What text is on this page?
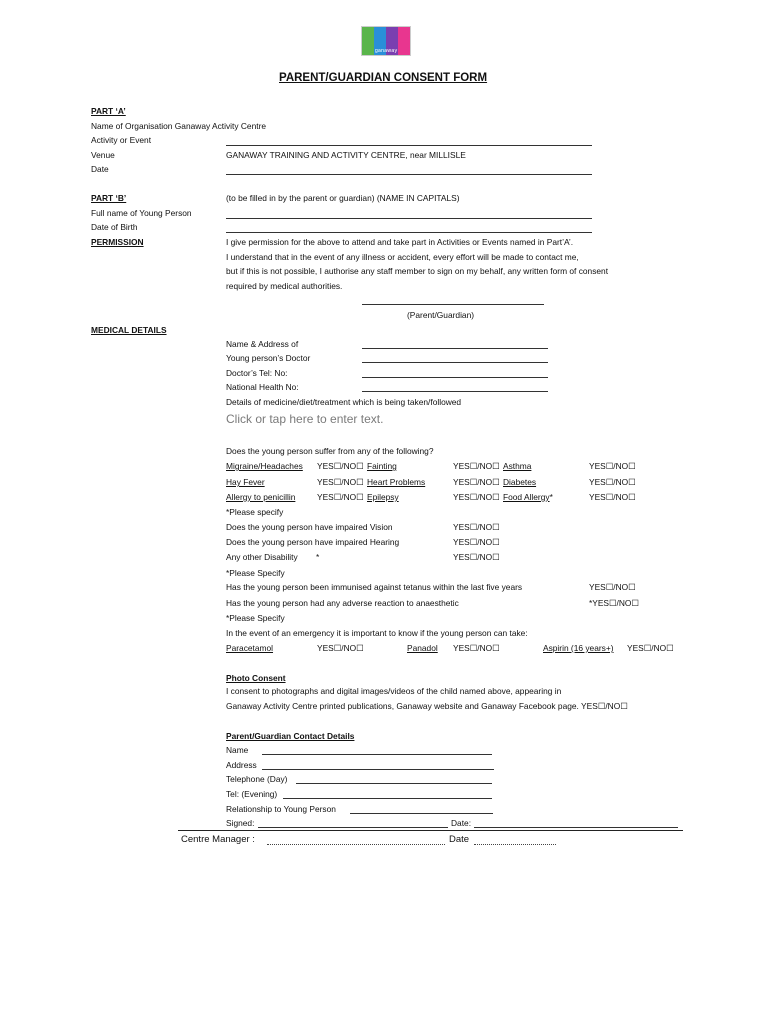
ganaway
PARENT/GUARDIAN CONSENT FORM
PART ‘A’
Name of Organisation Ganaway Activity Centre
Activity or Event
Venue	GANAWAY TRAINING AND ACTIVITY CENTRE, near MILLISLE
Date
PART ‘B’	(to be filled in by the parent or guardian) (NAME IN CAPITALS)
Full name of Young Person
Date of Birth
PERMISSION	I give permission for the above to attend and take part in Activities or Events named in Part’A’.
I understand that in the event of any illness or accident, every effort will be made to contact me,
but if this is not possible, I authorise any staff member to sign on my behalf, any written form of consent
required by medical authorities.
(Parent/Guardian)
MEDICAL DETAILS
Name & Address of
Young person’s Doctor
Doctor’s Tel: No:
National Health No:
Details of medicine/diet/treatment which is being taken/followed
Click or tap here to enter text.
Does the young person suffer from any of the following?
Migraine/Headaches YES☐/NO☐ Fainting	YES☐/NO☐ Asthma	YES☐/NO☐
Hay Fever	YES☐/NO☐ Heart Problems	YES☐/NO☐ Diabetes	YES☐/NO☐
Allergy to penicillin	YES☐/NO☐ Epilepsy	YES☐/NO☐ Food Allergy*	YES☐/NO☐
*Please specify
Does the young person have impaired Vision	YES☐/NO☐
Does the young person have impaired Hearing	YES☐/NO☐
Any other Disability *	YES☐/NO☐
*Please Specify
Has the young person been immunised against tetanus within the last five years	YES☐/NO☐
Has the young person had any adverse reaction to anaesthetic	*YES☐/NO☐
*Please Specify
In the event of an emergency it is important to know if the young person can take:
Paracetamol	YES☐/NO☐	Panadol YES☐/NO☐	Aspirin (16 years+) YES☐/NO☐
Photo Consent
I consent to photographs and digital images/videos of the child named above, appearing in
Ganaway Activity Centre printed publications, Ganaway website and Ganaway Facebook page. YES☐/NO☐
Parent/Guardian Contact Details
Name
Address
Telephone (Day)
Tel: (Evening)
Relationship to Young Person
Signed:	Date:
Centre Manager :	Date
